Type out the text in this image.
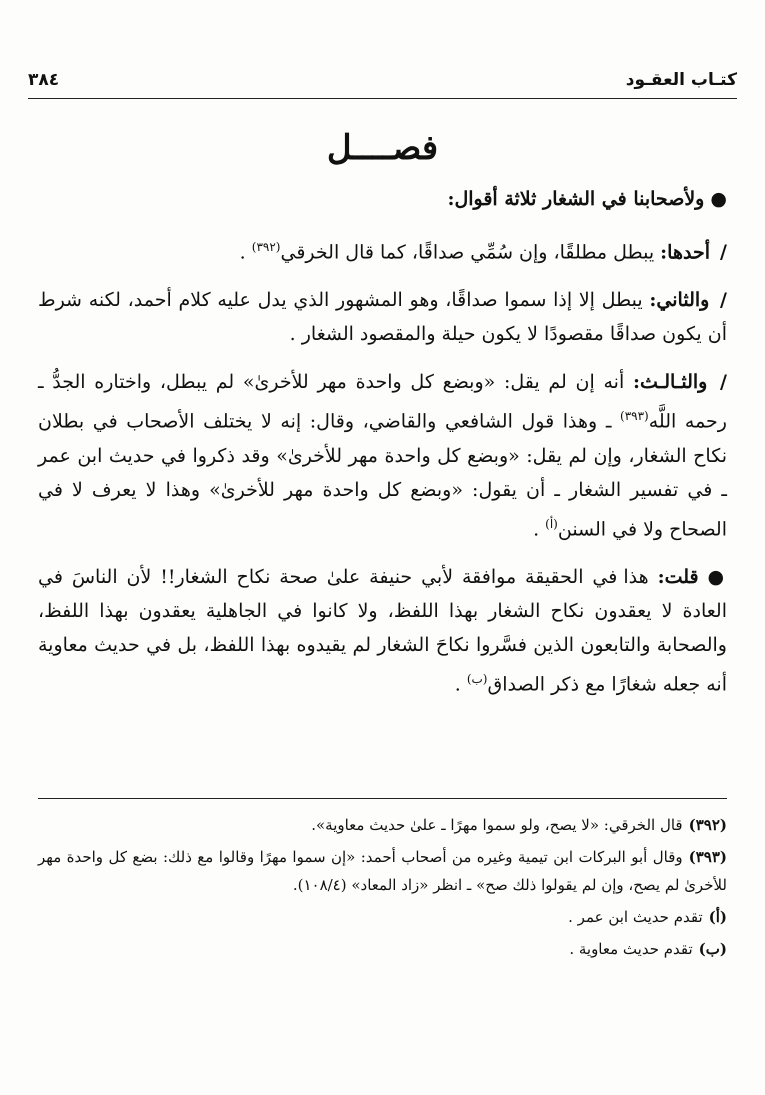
كتـاب العقـود
٣٨٤
فصــــل

● ولأصحابنا في الشغار ثلاثة أقوال:

/ أحدها: يبطل مطلقًا، وإن سُمِّي صداقًا، كما قال الخرقي$^{(٣٩٢)}$ .

/ والثاني: يبطل إلا إذا سموا صداقًا، وهو المشهور الذي يدل عليه كلام أحمد، لكنه شرط أن يكون صداقًا مقصودًا لا يكون حيلة والمقصود الشغار .

/ والثـالـث: أنه إن لم يقل: «وبضع كل واحدة مهر للأخرىٰ» لم يبطل، واختاره الجدُّ ـ رحمه اللَّه$^{(٣٩٣)}$ ـ وهذا قول الشافعي والقاضي، وقال: إنه لا يختلف الأصحاب في بطلان نكاح الشغار، وإن لم يقل: «وبضع كل واحدة مهر للأخرىٰ» وقد ذكروا في حديث ابن عمر ـ في تفسير الشغار ـ أن يقول: «وبضع كل واحدة مهر للأخرىٰ» وهذا لا يعرف لا في الصحاح ولا في السنن$^{(أ)}$ .

● قلت: هذا في الحقيقة موافقة لأبي حنيفة علىٰ صحة نكاح الشغار!! لأن الناسَ في العادة لا يعقدون نكاح الشغار بهذا اللفظ، ولا كانوا في الجاهلية يعقدون بهذا اللفظ، والصحابة والتابعون الذين فسَّروا نكاحَ الشغار لم يقيدوه بهذا اللفظ، بل في حديث معاوية أنه جعله شغارًا مع ذكر الصداق$^{(ب)}$ .

(٣٩٢)قال الخرقي: «لا يصح، ولو سموا مهرًا ـ علىٰ حديث معاوية».

(٣٩٣)وقال أبو البركات ابن تيمية وغيره من أصحاب أحمد: «إن سموا مهرًا وقالوا مع ذلك: بضع كل واحدة مهر للأخرىٰ لم يصح، وإن لم يقولوا ذلك صح» ـ انظر «زاد المعاد» (١٠٨/٤).

(أ)تقدم حديث ابن عمر .

(ب)تقدم حديث معاوية .
